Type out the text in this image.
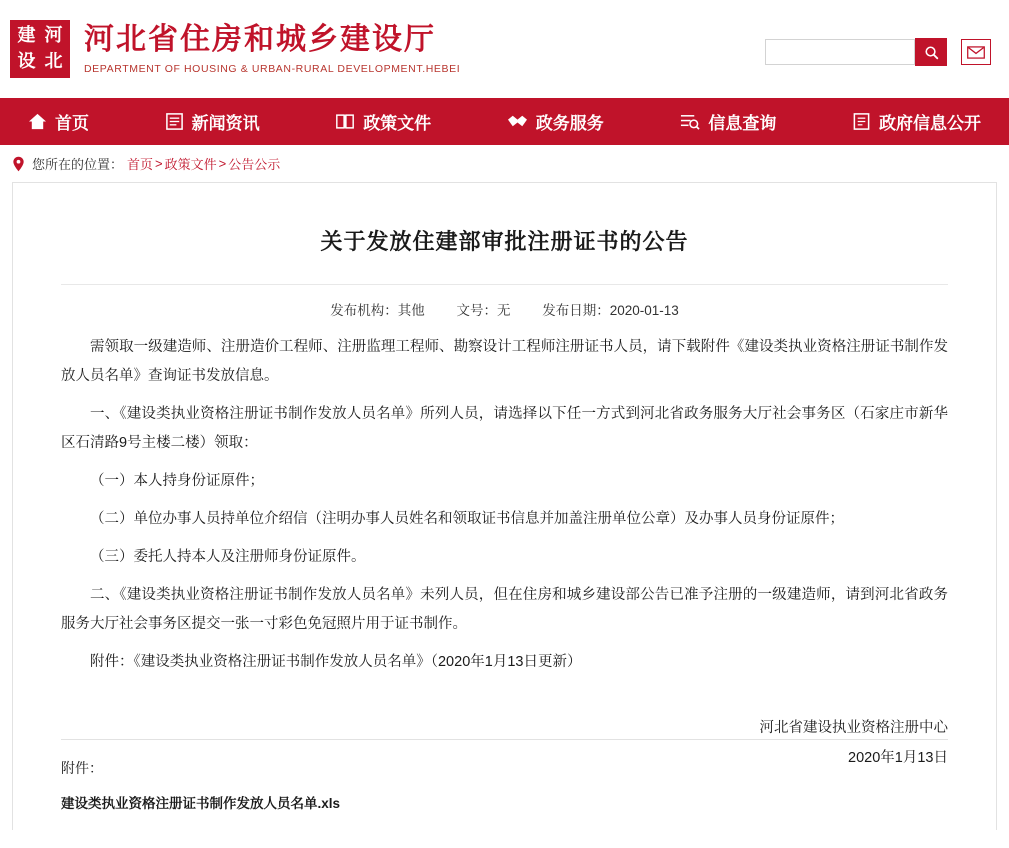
建 河
设 北
河北省住房和城乡建设厅
DEPARTMENT OF HOUSING & URBAN-RURAL DEVELOPMENT.HEBEI
首页	新闻资讯	政策文件	政务服务	信息查询	政府信息公开
您所在的位置： 首页 > 政策文件 > 公告公示
关于发放住建部审批注册证书的公告
发布机构：其他 文号：无 发布日期：2020-01-13

需领取一级建造师、注册造价工程师、注册监理工程师、勘察设计工程师注册证书人员，请下载附件《建设类执业资格注册证书制作发放人员名单》查询证书发放信息。

一、《建设类执业资格注册证书制作发放人员名单》所列人员，请选择以下任一方式到河北省政务服务大厅社会事务区（石家庄市新华区石清路9号主楼二楼）领取：

（一）本人持身份证原件；

（二）单位办事人员持单位介绍信（注明办事人员姓名和领取证书信息并加盖注册单位公章）及办事人员身份证原件；

（三）委托人持本人及注册师身份证原件。

二、《建设类执业资格注册证书制作发放人员名单》未列人员，但在住房和城乡建设部公告已准予注册的一级建造师，请到河北省政务服务大厅社会事务区提交一张一寸彩色免冠照片用于证书制作。

附件：《建设类执业资格注册证书制作发放人员名单》（2020年1月13日更新）

河北省建设执业资格注册中心
2020年1月13日
附件：
建设类执业资格注册证书制作发放人员名单.xls
